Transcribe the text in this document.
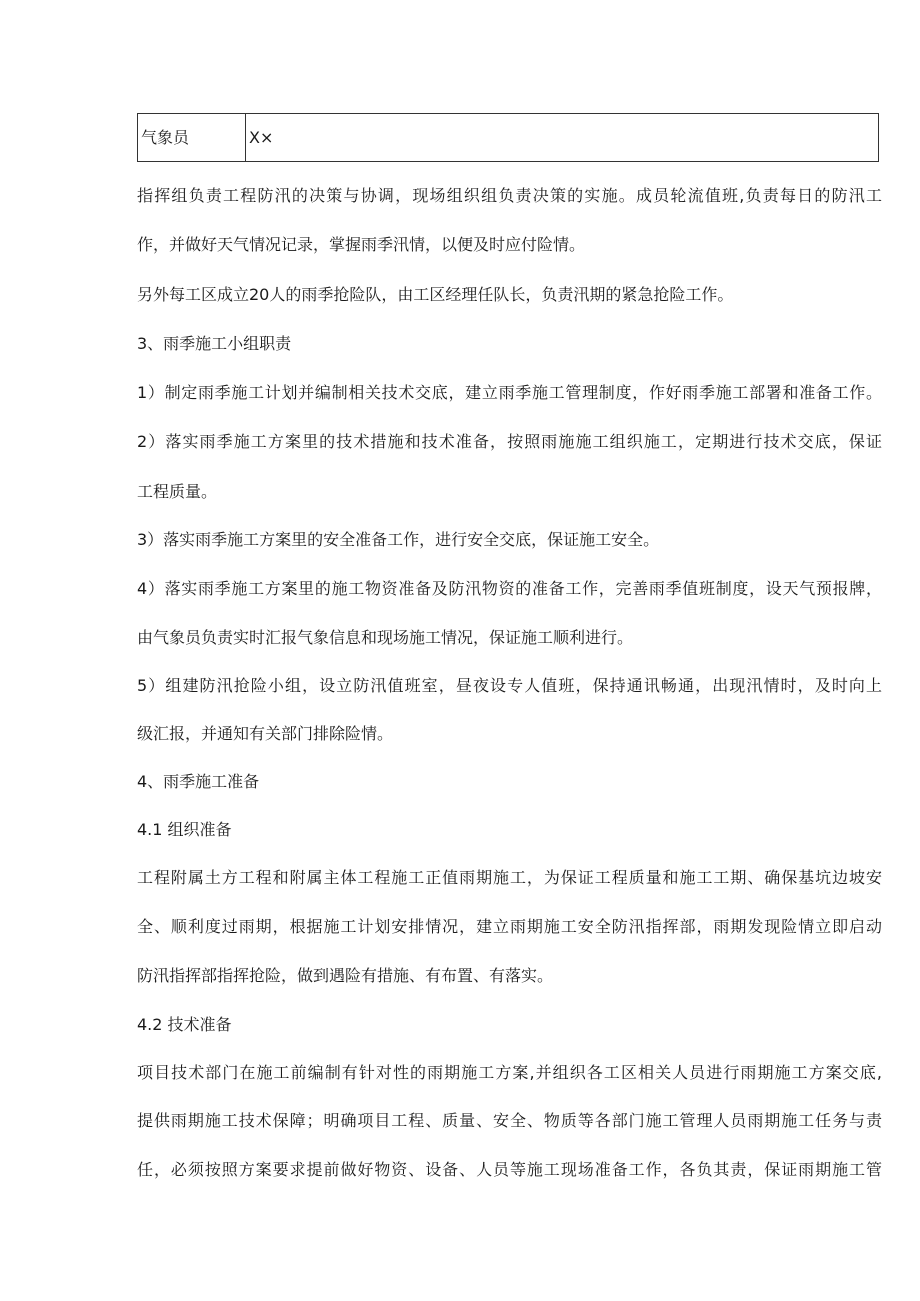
气象员	X×
指挥组负责工程防汛的决策与协调，现场组织组负责决策的实施。成员轮流值班,负责每日的防汛工
作，并做好天气情况记录，掌握雨季汛情，以便及时应付险情。
另外每工区成立20人的雨季抢险队，由工区经理任队长，负责汛期的紧急抢险工作。
3、雨季施工小组职责
1）制定雨季施工计划并编制相关技术交底，建立雨季施工管理制度，作好雨季施工部署和准备工作。
2）落实雨季施工方案里的技术措施和技术准备，按照雨施施工组织施工，定期进行技术交底，保证
工程质量。
3）落实雨季施工方案里的安全准备工作，进行安全交底，保证施工安全。
4）落实雨季施工方案里的施工物资准备及防汛物资的准备工作，完善雨季值班制度，设天气预报牌，
由气象员负责实时汇报气象信息和现场施工情况，保证施工顺利进行。
5）组建防汛抢险小组，设立防汛值班室，昼夜设专人值班，保持通讯畅通，出现汛情时，及时向上
级汇报，并通知有关部门排除险情。
4、雨季施工准备
4.1 组织准备
工程附属土方工程和附属主体工程施工正值雨期施工，为保证工程质量和施工工期、确保基坑边坡安
全、顺利度过雨期，根据施工计划安排情况，建立雨期施工安全防汛指挥部，雨期发现险情立即启动
防汛指挥部指挥抢险，做到遇险有措施、有布置、有落实。
4.2 技术准备
项目技术部门在施工前编制有针对性的雨期施工方案,并组织各工区相关人员进行雨期施工方案交底,
提供雨期施工技术保障；明确项目工程、质量、安全、物质等各部门施工管理人员雨期施工任务与责
任，必须按照方案要求提前做好物资、设备、人员等施工现场准备工作，各负其责，保证雨期施工管
